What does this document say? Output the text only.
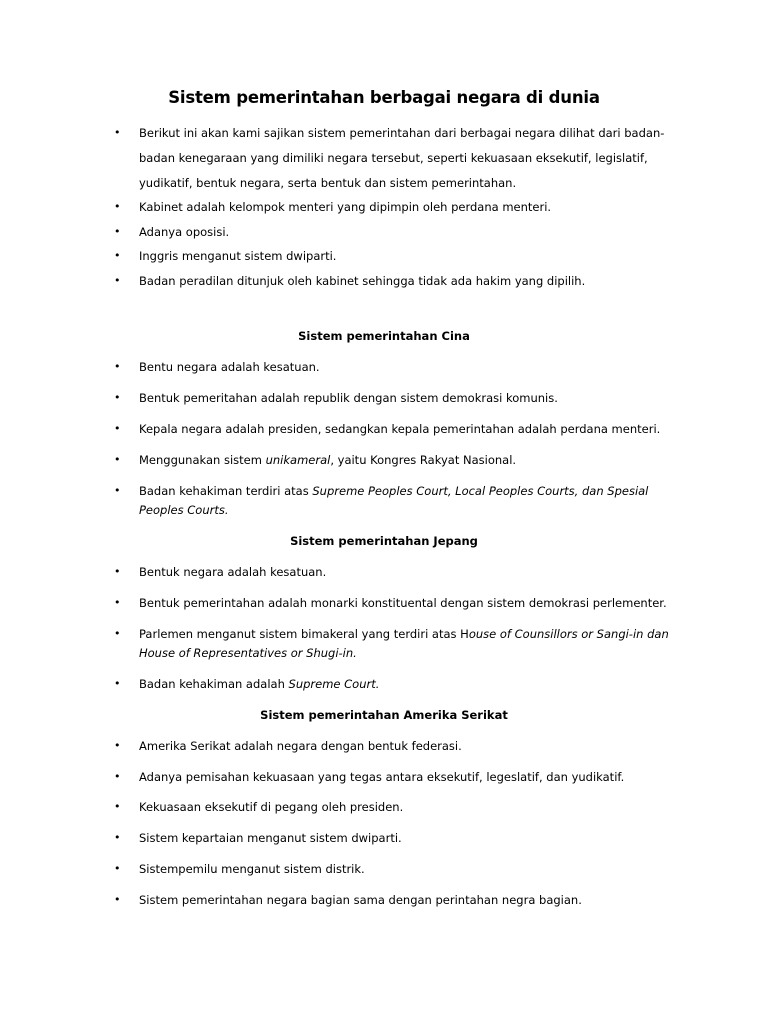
Sistem pemerintahan berbagai negara di dunia
• Berikut ini akan kami sajikan sistem pemerintahan dari berbagai negara dilihat dari badan-
badan kenegaraan yang dimiliki negara tersebut, seperti kekuasaan eksekutif, legislatif,
yudikatif, bentuk negara, serta bentuk dan sistem pemerintahan.
• Kabinet adalah kelompok menteri yang dipimpin oleh perdana menteri.
• Adanya oposisi.
• Inggris menganut sistem dwiparti.
• Badan peradilan ditunjuk oleh kabinet sehingga tidak ada hakim yang dipilih.
Sistem pemerintahan Cina
• Bentu negara adalah kesatuan.
• Bentuk pemeritahan adalah republik dengan sistem demokrasi komunis.
• Kepala negara adalah presiden, sedangkan kepala pemerintahan adalah perdana menteri.
• Menggunakan sistem unikameral, yaitu Kongres Rakyat Nasional.
• Badan kehakiman terdiri atas Supreme Peoples Court, Local Peoples Courts, dan Spesial
Peoples Courts.
Sistem pemerintahan Jepang
• Bentuk negara adalah kesatuan.
• Bentuk pemerintahan adalah monarki konstituental dengan sistem demokrasi perlementer.
• Parlemen menganut sistem bimakeral yang terdiri atas House of Counsillors or Sangi-in dan
House of Representatives or Shugi-in.
• Badan kehakiman adalah Supreme Court.
Sistem pemerintahan Amerika Serikat
• Amerika Serikat adalah negara dengan bentuk federasi.
• Adanya pemisahan kekuasaan yang tegas antara eksekutif, legeslatif, dan yudikatif.
• Kekuasaan eksekutif di pegang oleh presiden.
• Sistem kepartaian menganut sistem dwiparti.
• Sistempemilu menganut sistem distrik.
• Sistem pemerintahan negara bagian sama dengan perintahan negra bagian.
